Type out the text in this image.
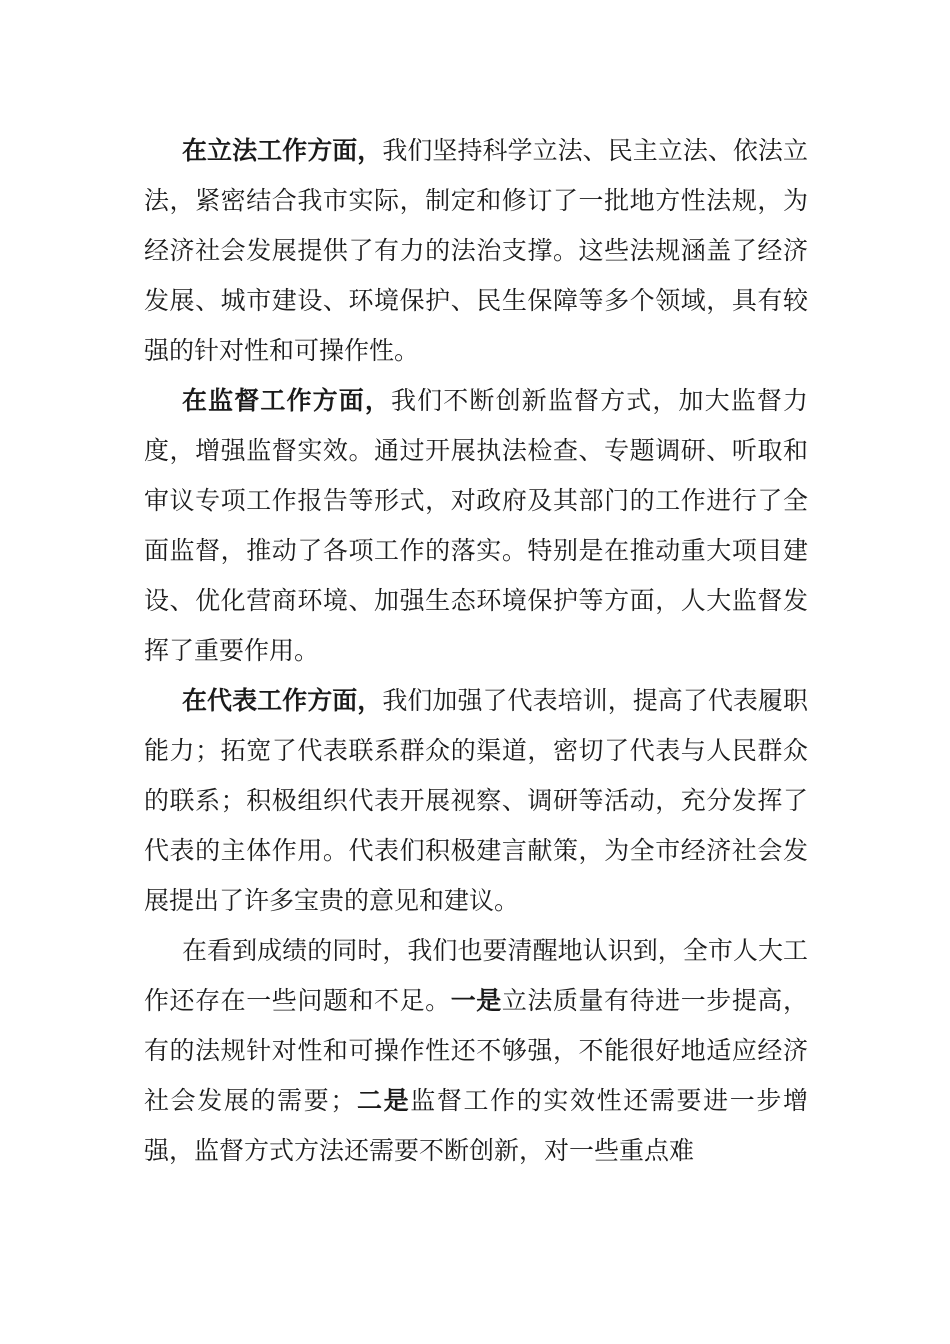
在立法工作方面，我们坚持科学立法、民主立法、依法立法，紧密结合我市实际，制定和修订了一批地方性法规，为经济社会发展提供了有力的法治支撑。这些法规涵盖了经济发展、城市建设、环境保护、民生保障等多个领域，具有较强的针对性和可操作性。

在监督工作方面，我们不断创新监督方式，加大监督力度，增强监督实效。通过开展执法检查、专题调研、听取和审议专项工作报告等形式，对政府及其部门的工作进行了全面监督，推动了各项工作的落实。特别是在推动重大项目建设、优化营商环境、加强生态环境保护等方面，人大监督发挥了重要作用。

在代表工作方面，我们加强了代表培训，提高了代表履职能力；拓宽了代表联系群众的渠道，密切了代表与人民群众的联系；积极组织代表开展视察、调研等活动，充分发挥了代表的主体作用。代表们积极建言献策，为全市经济社会发展提出了许多宝贵的意见和建议。

在看到成绩的同时，我们也要清醒地认识到，全市人大工作还存在一些问题和不足。一是立法质量有待进一步提高，有的法规针对性和可操作性还不够强，不能很好地适应经济社会发展的需要；二是监督工作的实效性还需要进一步增强，监督方式方法还需要不断创新，对一些重点难
